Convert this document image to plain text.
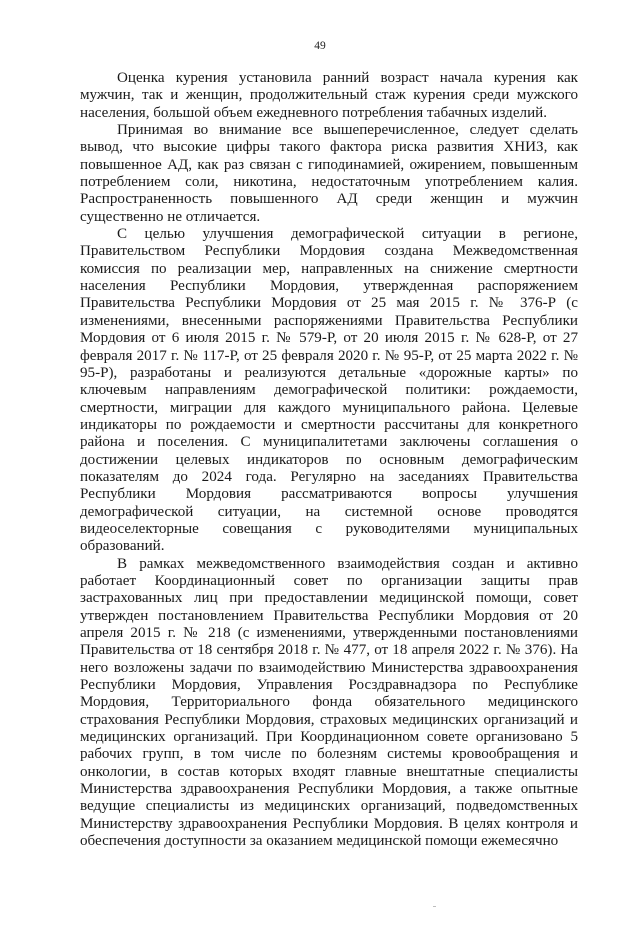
49

Оценка курения установила ранний возраст начала курения как мужчин, так и женщин, продолжительный стаж курения среди мужского населения, большой объем ежедневного потребления табачных изделий.

Принимая во внимание все вышеперечисленное, следует сделать вывод, что высокие цифры такого фактора риска развития ХНИЗ, как повышенное АД, как раз связан с гиподинамией, ожирением, повышенным потреблением соли, никотина, недостаточным употреблением калия. Распространенность повышенного АД среди женщин и мужчин существенно не отличается.

С целью улучшения демографической ситуации в регионе, Правительством Республики Мордовия создана Межведомственная комиссия по реализации мер, направленных на снижение смертности населения Республики Мордовия, утвержденная распоряжением Правительства Республики Мордовия от 25 мая 2015 г. № 376-Р (с изменениями, внесенными распоряжениями Правительства Республики Мордовия от 6 июля 2015 г. № 579-Р, от 20 июля 2015 г. № 628-Р, от 27 февраля 2017 г. № 117-Р, от 25 февраля 2020 г. № 95-Р, от 25 марта 2022 г. № 95-Р), разработаны и реализуются детальные «дорожные карты» по ключевым направлениям демографической политики: рождаемости, смертности, миграции для каждого муниципального района. Целевые индикаторы по рождаемости и смертности рассчитаны для конкретного района и поселения. С муниципалитетами заключены соглашения о достижении целевых индикаторов по основным демографическим показателям до 2024 года. Регулярно на заседаниях Правительства Республики Мордовия рассматриваются вопросы улучшения демографической ситуации, на системной основе проводятся видеоселекторные совещания с руководителями муниципальных образований.

В рамках межведомственного взаимодействия создан и активно работает Координационный совет по организации защиты прав застрахованных лиц при предоставлении медицинской помощи, совет утвержден постановлением Правительства Республики Мордовия от 20 апреля 2015 г. № 218 (с изменениями, утвержденными постановлениями Правительства от 18 сентября 2018 г. № 477, от 18 апреля 2022 г. № 376). На него возложены задачи по взаимодействию Министерства здравоохранения Республики Мордовия, Управления Росздравнадзора по Республике Мордовия, Территориального фонда обязательного медицинского страхования Республики Мордовия, страховых медицинских организаций и медицинских организаций. При Координационном совете организовано 5 рабочих групп, в том числе по болезням системы кровообращения и онкологии, в состав которых входят главные внештатные специалисты Министерства здравоохранения Республики Мордовия, а также опытные ведущие специалисты из медицинских организаций, подведомственных Министерству здравоохранения Республики Мордовия. В целях контроля и обеспечения доступности за оказанием медицинской помощи ежемесячно
